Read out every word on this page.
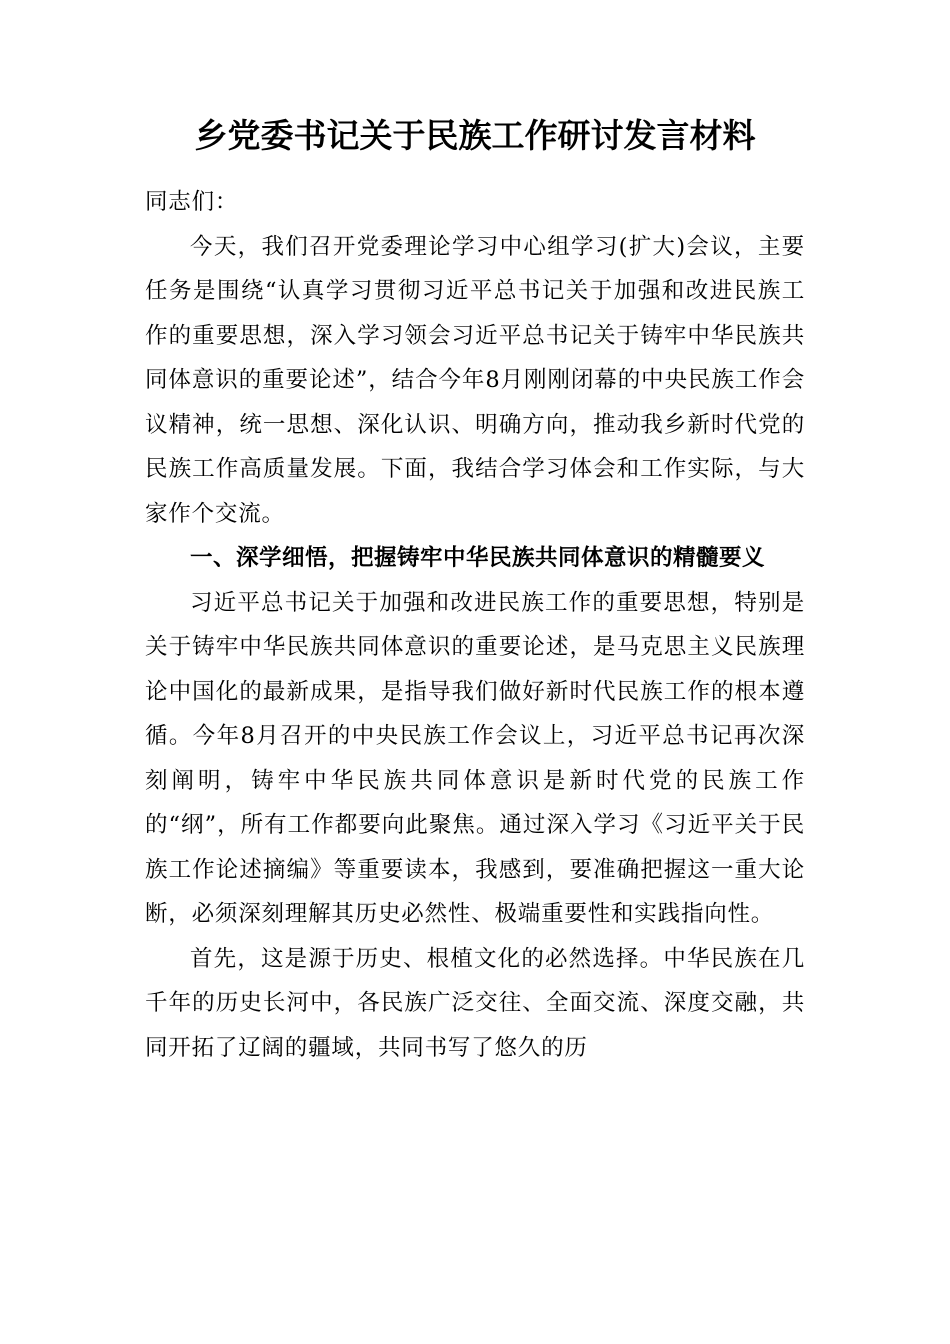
乡党委书记关于民族工作研讨发言材料

同志们：

今天，我们召开党委理论学习中心组学习(扩大)会议，主要任务是围绕“认真学习贯彻习近平总书记关于加强和改进民族工作的重要思想，深入学习领会习近平总书记关于铸牢中华民族共同体意识的重要论述”，结合今年8月刚刚闭幕的中央民族工作会议精神，统一思想、深化认识、明确方向，推动我乡新时代党的民族工作高质量发展。下面，我结合学习体会和工作实际，与大家作个交流。

一、深学细悟，把握铸牢中华民族共同体意识的精髓要义

习近平总书记关于加强和改进民族工作的重要思想，特别是关于铸牢中华民族共同体意识的重要论述，是马克思主义民族理论中国化的最新成果，是指导我们做好新时代民族工作的根本遵循。今年8月召开的中央民族工作会议上，习近平总书记再次深刻阐明，铸牢中华民族共同体意识是新时代党的民族工作的“纲”，所有工作都要向此聚焦。通过深入学习《习近平关于民族工作论述摘编》等重要读本，我感到，要准确把握这一重大论断，必须深刻理解其历史必然性、极端重要性和实践指向性。

首先，这是源于历史、根植文化的必然选择。中华民族在几千年的历史长河中，各民族广泛交往、全面交流、深度交融，共同开拓了辽阔的疆域，共同书写了悠久的历
